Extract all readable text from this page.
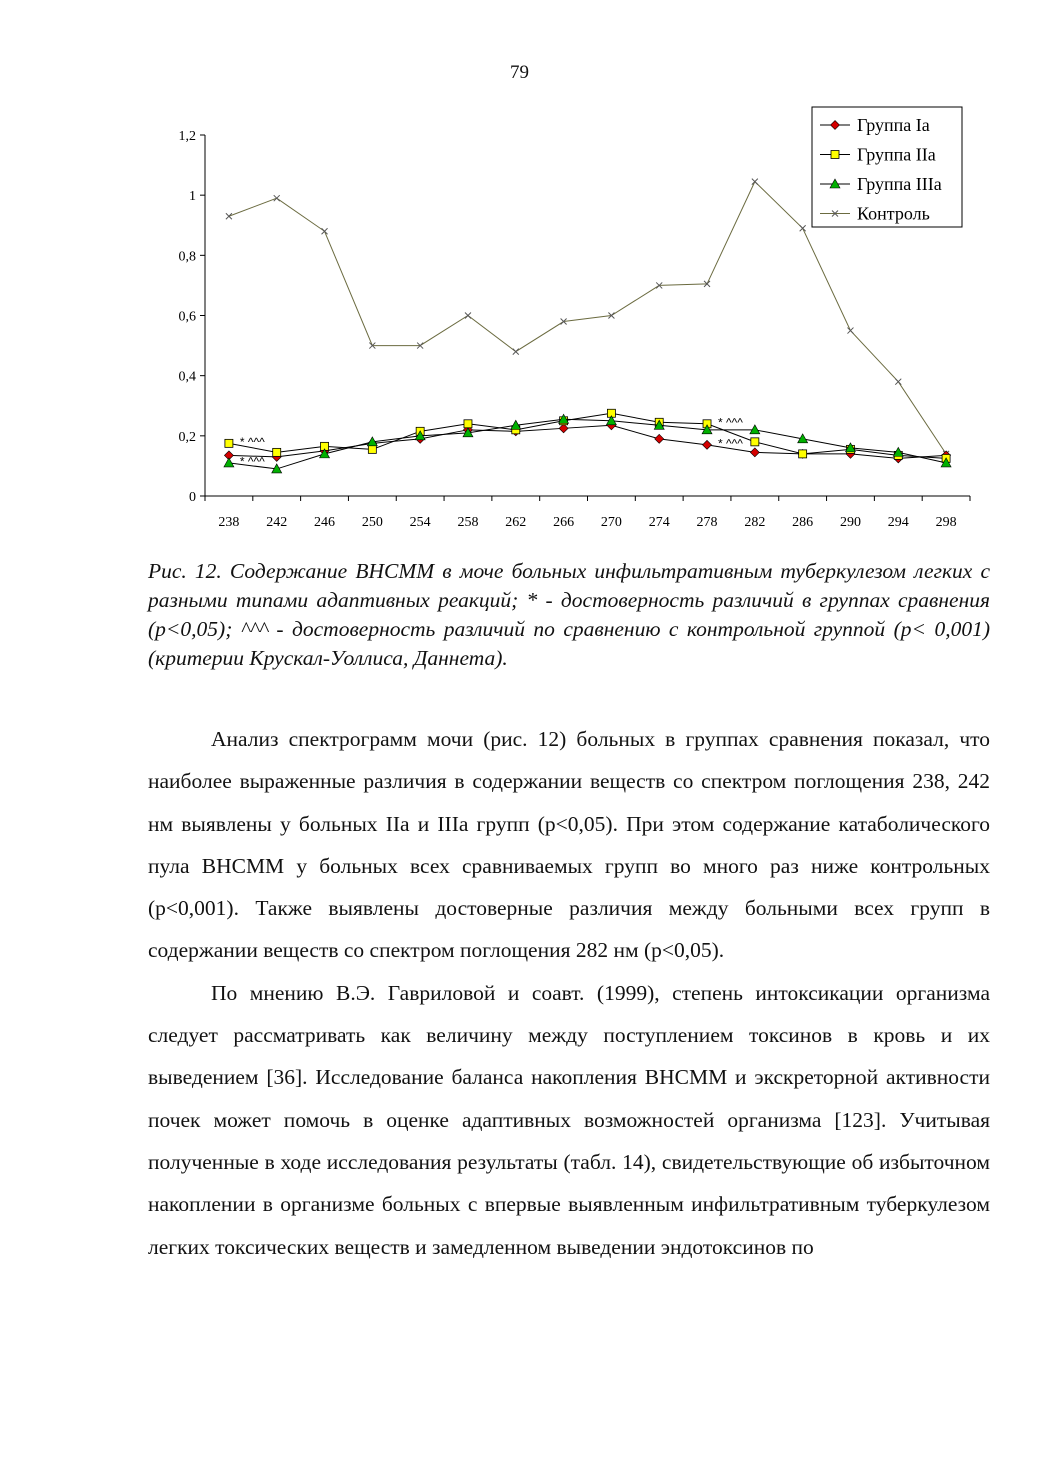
79
0
0,2
0,4
0,6
0,8
1
1,2
238 242 246 250 254 258 262 266 270 274 278 282 286 290 294 298
* ^^^
* ^^^
* ^^^
* ^^^
Группа Iа
Группа IIа
Группа IIIа
Контроль

Рис. 12. Содержание ВНСММ в моче больных инфильтративным туберкулезом легких с разными типами адаптивных реакций; * - достоверность различий в группах сравнения (р<0,05); ^^^ - достоверность различий по сравнению с контрольной группой (р< 0,001) (критерии Крускал-Уоллиса, Даннета).

Анализ спектрограмм мочи (рис. 12) больных в группах сравнения показал, что наиболее выраженные различия в содержании веществ со спектром поглощения 238, 242 нм выявлены у больных IIа и IIIа групп (р<0,05). При этом содержание катаболического пула ВНСММ у больных всех сравниваемых групп во много раз ниже контрольных (р<0,001). Также выявлены достоверные различия между больными всех групп в содержании веществ со спектром поглощения 282 нм (р<0,05).

По мнению В.Э. Гавриловой и соавт. (1999), степень интоксикации организма следует рассматривать как величину между поступлением токсинов в кровь и их выведением [36]. Исследование баланса накопления ВНСММ и экскреторной активности почек может помочь в оценке адаптивных возможностей организма [123]. Учитывая полученные в ходе исследования результаты (табл. 14), свидетельствующие об избыточном накоплении в организме больных с впервые выявленным инфильтративным туберкулезом легких токсических веществ и замедленном выведении эндотоксинов по
